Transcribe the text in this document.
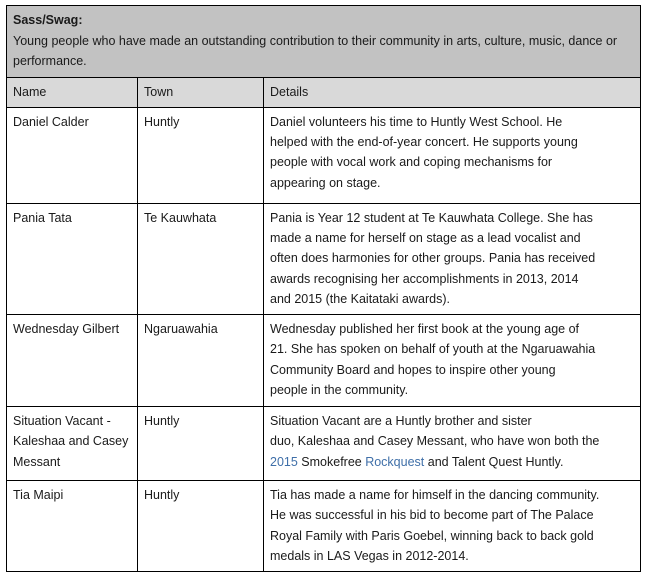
Sass/Swag:
Young people who have made an outstanding contribution to their community in arts, culture, music, dance or performance.		

Name	Town	Details
Daniel Calder	Huntly	Daniel volunteers his time to Huntly West School. He
helped with the end-of-year concert. He supports young
people with vocal work and coping mechanisms for
appearing on stage.

Pania Tata	Te Kauwhata	Pania is Year 12 student at Te Kauwhata College. She has
made a name for herself on stage as a lead vocalist and
often does harmonies for other groups. Pania has received
awards recognising her accomplishments in 2013, 2014
and 2015 (the Kaitataki awards).

Wednesday Gilbert	Ngaruawahia	Wednesday published her first book at the young age of
21. She has spoken on behalf of youth at the Ngaruawahia
Community Board and hopes to inspire other young
people in the community.

Situation Vacant - Kaleshaa and Casey Messant	Huntly	Situation Vacant are a Huntly brother and sister
duo, Kaleshaa and Casey Messant, who have won both the
2015 Smokefree Rockquest and Talent Quest Huntly.

Tia Maipi	Huntly	Tia has made a name for himself in the dancing community.
He was successful in his bid to become part of The Palace
Royal Family with Paris Goebel, winning back to back gold
medals in LAS Vegas in 2012-2014.
